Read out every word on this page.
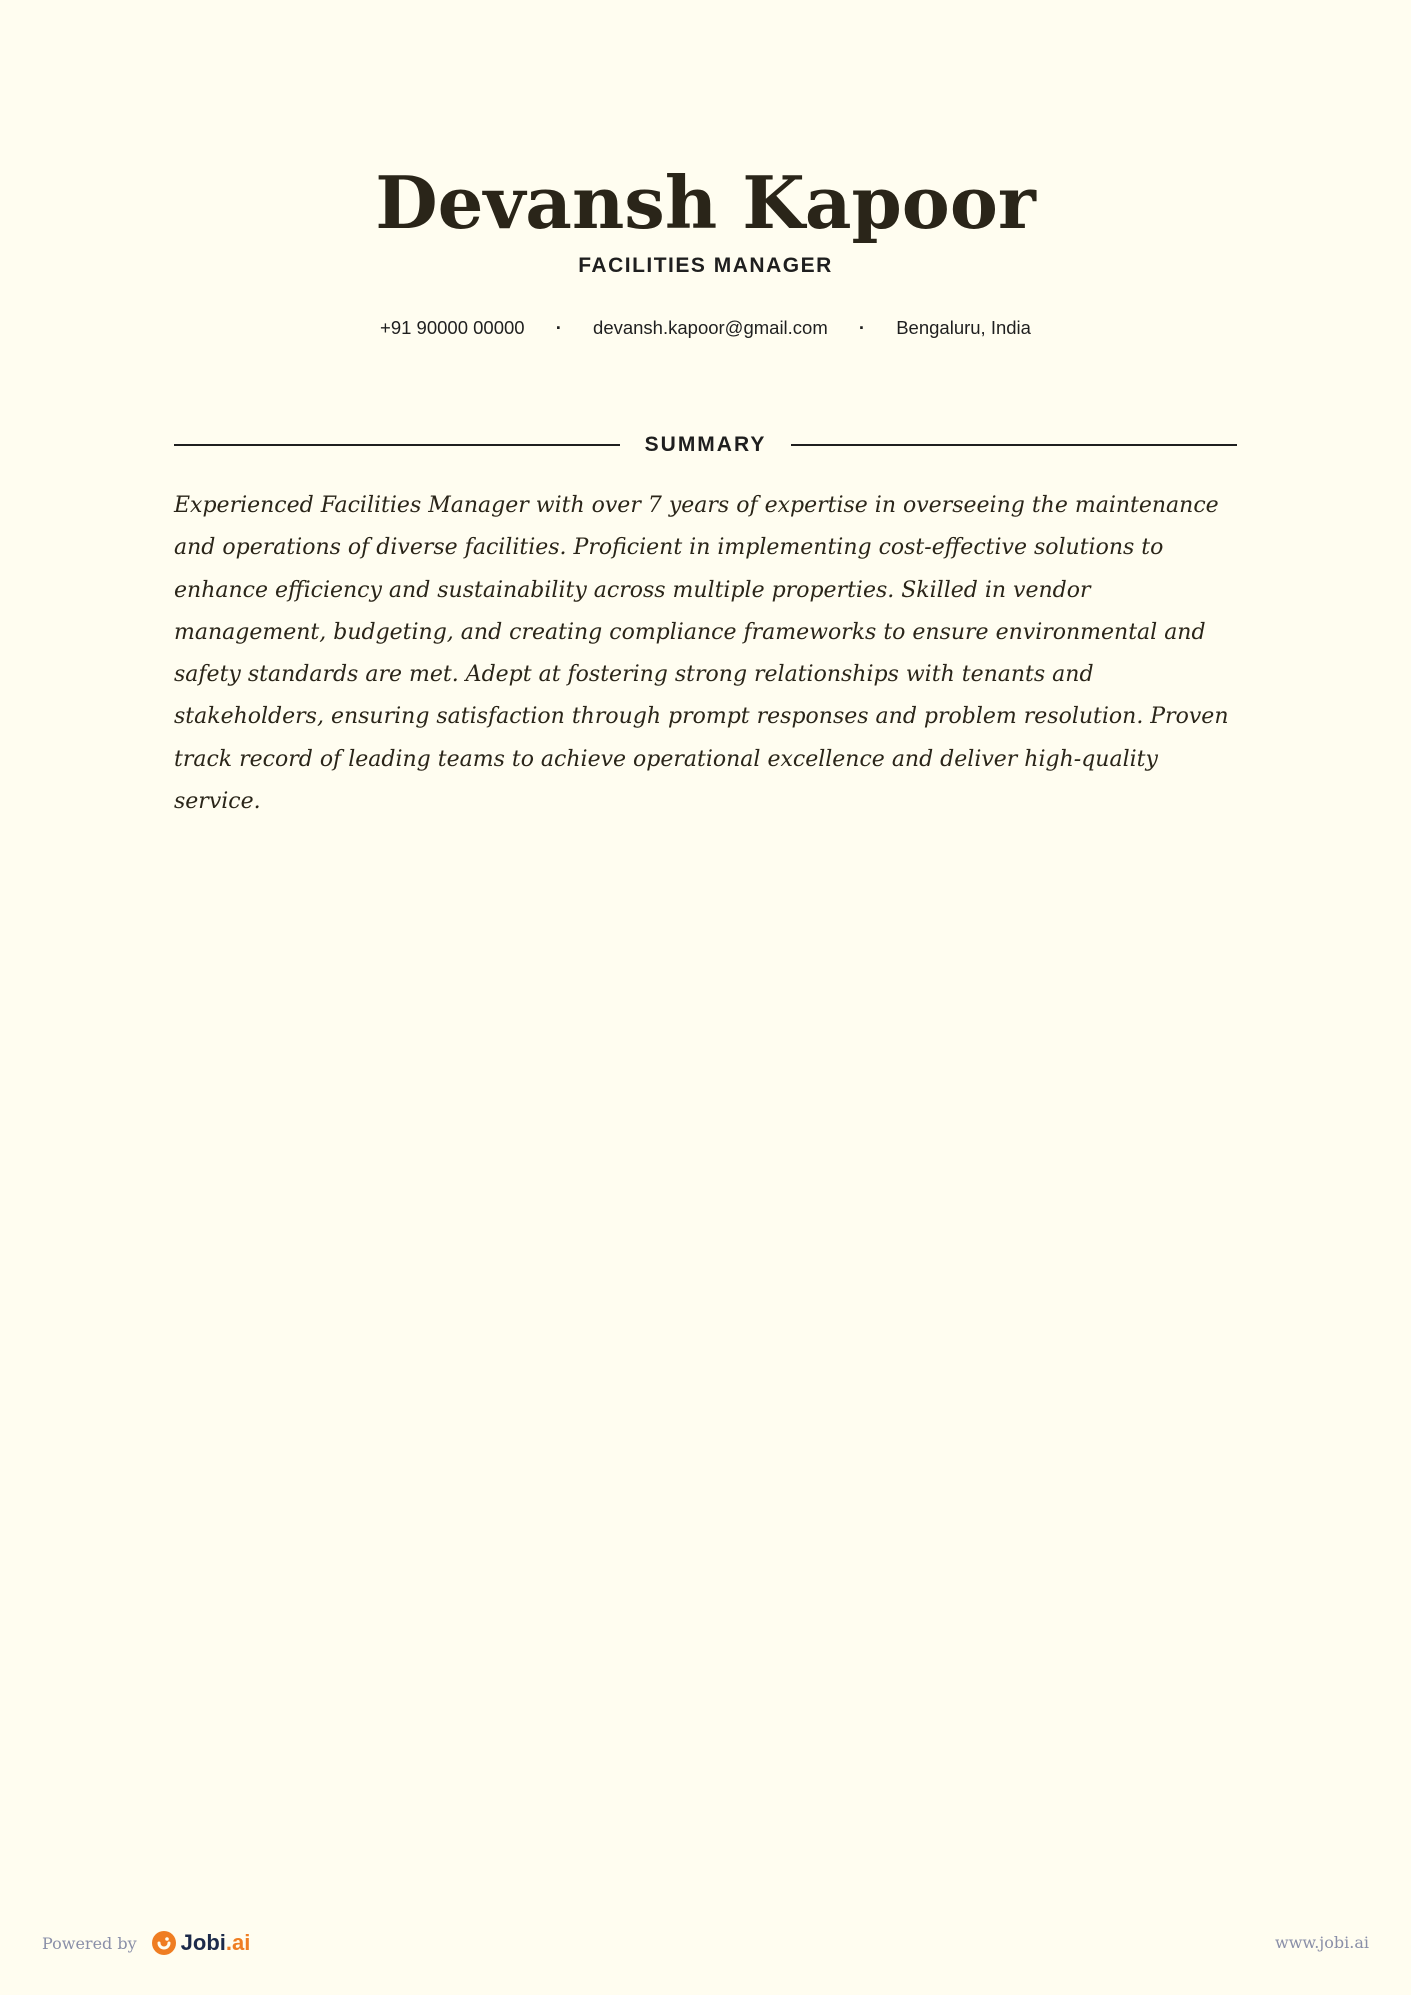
Devansh Kapoor
FACILITIES MANAGER
+91 90000 00000 · devansh.kapoor@gmail.com · Bengaluru, India
SUMMARY

Experienced Facilities Manager with over 7 years of expertise in overseeing the maintenance and operations of diverse facilities. Proficient in implementing cost-effective solutions to enhance efficiency and sustainability across multiple properties. Skilled in vendor management, budgeting, and creating compliance frameworks to ensure environmental and safety standards are met. Adept at fostering strong relationships with tenants and stakeholders, ensuring satisfaction through prompt responses and problem resolution. Proven track record of leading teams to achieve operational excellence and deliver high-quality service.

Powered by Jobi.ai	www.jobi.ai
